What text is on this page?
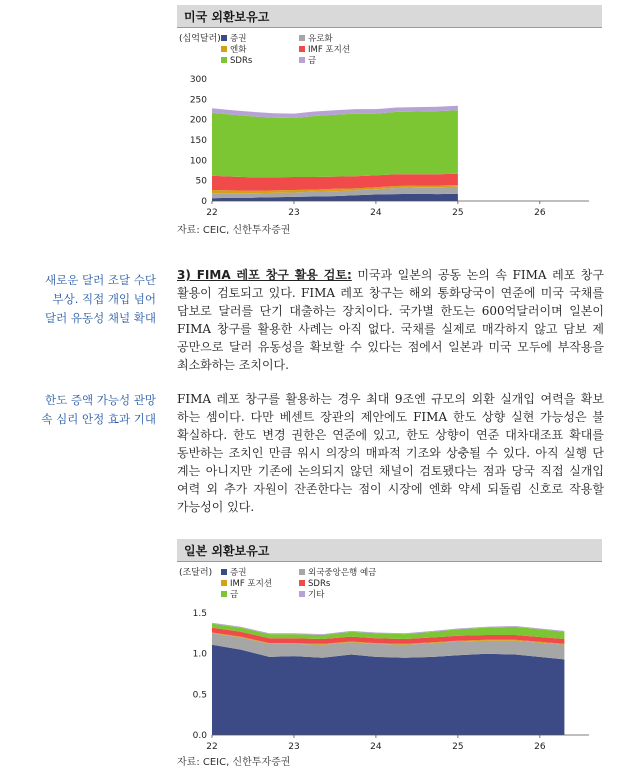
미국 외환보유고
(십억달러) 증권	유로화
엔화	IMF 포지션
SDRs	금
0
50
100
150
200
250
300
22	23	24	25	26
자료: CEIC, 신한투자증권
새로운 달러 조달 수단
부상. 직접 개입 넘어
달러 유동성 채널 확대
한도 증액 가능성 관망
속 심리 안정 효과 기대
3) FIMA 레포 창구 활용 검토: 미국과 일본의 공동 논의 속 FIMA 레포 창구
활용이 검토되고 있다. FIMA 레포 창구는 해외 통화당국이 연준에 미국 국채를
담보로 달러를 단기 대출하는 장치이다. 국가별 한도는 600억달러이며 일본이
FIMA 창구를 활용한 사례는 아직 없다. 국채를 실제로 매각하지 않고 담보 제
공만으로 달러 유동성을 확보할 수 있다는 점에서 일본과 미국 모두에 부작용을
최소화하는 조치이다.
FIMA 레포 창구를 활용하는 경우 최대 9조엔 규모의 외환 실개입 여력을 확보
하는 셈이다. 다만 베센트 장관의 제안에도 FIMA 한도 상향 실현 가능성은 불
확실하다. 한도 변경 권한은 연준에 있고, 한도 상향이 연준 대차대조표 확대를
동반하는 조치인 만큼 워시 의장의 매파적 기조와 상충될 수 있다. 아직 실행 단
계는 아니지만 기존에 논의되지 않던 채널이 검토됐다는 점과 당국 직접 실개입
여력 외 추가 자원이 잔존한다는 점이 시장에 엔화 약세 되돌림 신호로 작용할
가능성이 있다.
일본 외환보유고
(조달러) 증권	외국중앙은행 예금
IMF 포지션	SDRs
금	기타
0.0
0.5
1.0
1.5
22	23	24	25	26
자료: CEIC, 신한투자증권
